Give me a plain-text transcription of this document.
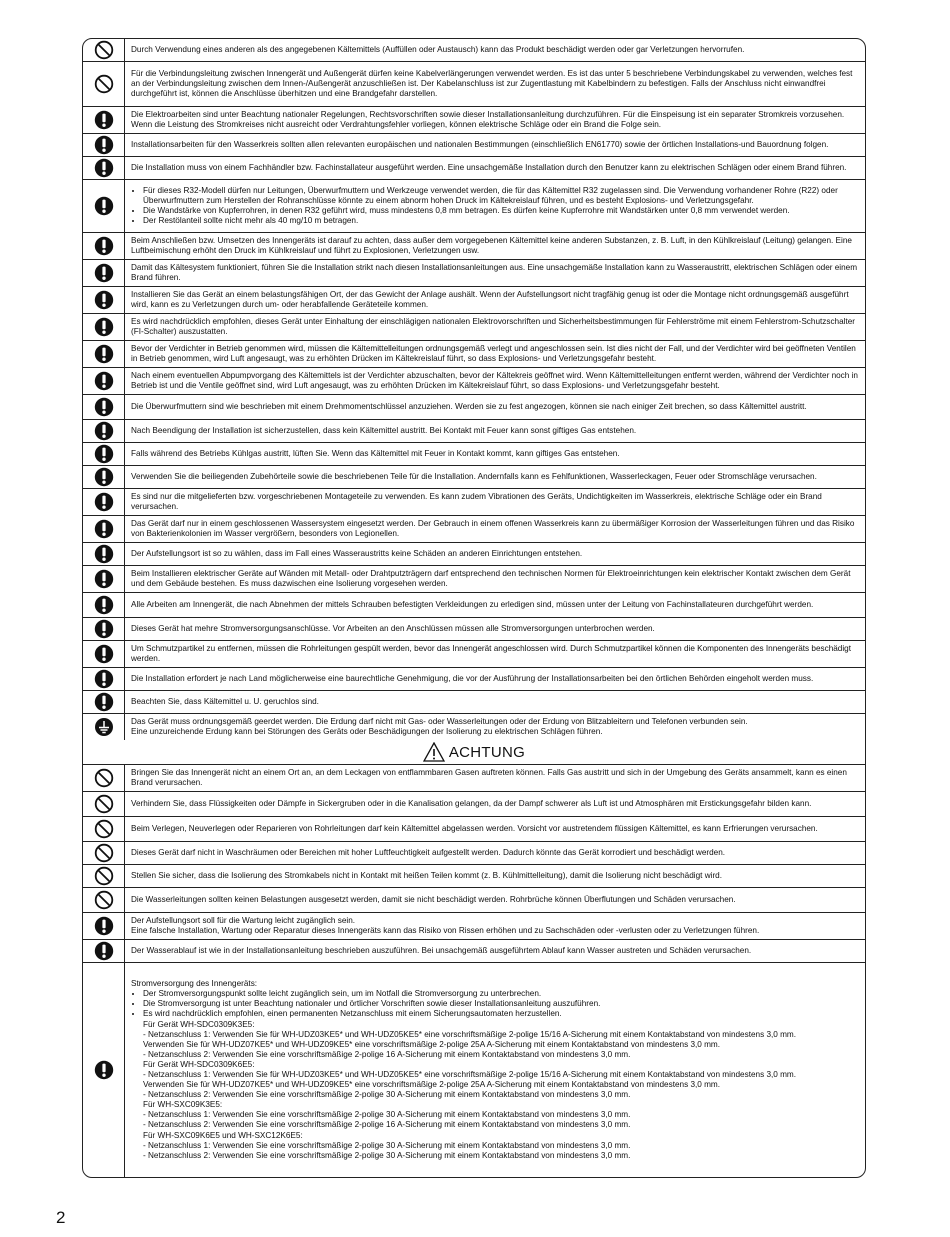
Durch Verwendung eines anderen als des angegebenen Kältemittels (Auffüllen oder Austausch) kann das Produkt beschädigt werden oder gar Verletzungen hervorrufen.

Für die Verbindungsleitung zwischen Innengerät und Außengerät dürfen keine Kabelverlängerungen verwendet werden. Es ist das unter 5 beschriebene Verbindungskabel zu verwenden, welches fest an der Verbindungsleitung zwischen dem Innen-/Außengerät anzuschließen ist. Der Kabelanschluss ist zur Zugentlastung mit Kabelbindern zu befestigen. Falls der Anschluss nicht einwandfrei durchgeführt ist, können die Anschlüsse überhitzen und eine Brandgefahr darstellen.

Die Elektroarbeiten sind unter Beachtung nationaler Regelungen, Rechtsvorschriften sowie dieser Installationsanleitung durchzuführen. Für die Einspeisung ist ein separater Stromkreis vorzusehen. Wenn die Leistung des Stromkreises nicht ausreicht oder Verdrahtungsfehler vorliegen, können elektrische Schläge oder ein Brand die Folge sein.

Installationsarbeiten für den Wasserkreis sollten allen relevanten europäischen und nationalen Bestimmungen (einschließlich EN61770) sowie der örtlichen Installations-und Bauordnung folgen.

Die Installation muss von einem Fachhändler bzw. Fachinstallateur ausgeführt werden. Eine unsachgemäße Installation durch den Benutzer kann zu elektrischen Schlägen oder einem Brand führen.

• Für dieses R32-Modell dürfen nur Leitungen, Überwurfmuttern und Werkzeuge verwendet werden, die für das Kältemittel R32 zugelassen sind. Die Verwendung vorhandener Rohre (R22) oder Überwurfmuttern zum Herstellen der Rohranschlüsse könnte zu einem abnorm hohen Druck im Kältekreislauf führen, und es besteht Explosions- und Verletzungsgefahr.
• Die Wandstärke von Kupferrohren, in denen R32 geführt wird, muss mindestens 0,8 mm betragen. Es dürfen keine Kupferrohre mit Wandstärken unter 0,8 mm verwendet werden.
• Der Restölanteil sollte nicht mehr als 40 mg/10 m betragen.

Beim Anschließen bzw. Umsetzen des Innengeräts ist darauf zu achten, dass außer dem vorgegebenen Kältemittel keine anderen Substanzen, z. B. Luft, in den Kühlkreislauf (Leitung) gelangen. Eine Luftbeimischung erhöht den Druck im Kühlkreislauf und führt zu Explosionen, Verletzungen usw.

Damit das Kältesystem funktioniert, führen Sie die Installation strikt nach diesen Installationsanleitungen aus. Eine unsachgemäße Installation kann zu Wasseraustritt, elektrischen Schlägen oder einem Brand führen.

Installieren Sie das Gerät an einem belastungsfähigen Ort, der das Gewicht der Anlage aushält. Wenn der Aufstellungsort nicht tragfähig genug ist oder die Montage nicht ordnungsgemäß ausgeführt wird, kann es zu Verletzungen durch um- oder herabfallende Geräteteile kommen.

Es wird nachdrücklich empfohlen, dieses Gerät unter Einhaltung der einschlägigen nationalen Elektrovorschriften und Sicherheitsbestimmungen für Fehlerströme mit einem Fehlerstrom-Schutzschalter (FI-Schalter) auszustatten.

Bevor der Verdichter in Betrieb genommen wird, müssen die Kältemittelleitungen ordnungsgemäß verlegt und angeschlossen sein. Ist dies nicht der Fall, und der Verdichter wird bei geöffneten Ventilen in Betrieb genommen, wird Luft angesaugt, was zu erhöhten Drücken im Kältekreislauf führt, so dass Explosions- und Verletzungsgefahr besteht.

Nach einem eventuellen Abpumpvorgang des Kältemittels ist der Verdichter abzuschalten, bevor der Kältekreis geöffnet wird. Wenn Kältemittelleitungen entfernt werden, während der Verdichter noch in Betrieb ist und die Ventile geöffnet sind, wird Luft angesaugt, was zu erhöhten Drücken im Kältekreislauf führt, so dass Explosions- und Verletzungsgefahr besteht.

Die Überwurfmuttern sind wie beschrieben mit einem Drehmomentschlüssel anzuziehen. Werden sie zu fest angezogen, können sie nach einiger Zeit brechen, so dass Kältemittel austritt.

Nach Beendigung der Installation ist sicherzustellen, dass kein Kältemittel austritt. Bei Kontakt mit Feuer kann sonst giftiges Gas entstehen.

Falls während des Betriebs Kühlgas austritt, lüften Sie. Wenn das Kältemittel mit Feuer in Kontakt kommt, kann giftiges Gas entstehen.

Verwenden Sie die beiliegenden Zubehörteile sowie die beschriebenen Teile für die Installation. Andernfalls kann es Fehlfunktionen, Wasserleckagen, Feuer oder Stromschläge verursachen.

Es sind nur die mitgelieferten bzw. vorgeschriebenen Montageteile zu verwenden. Es kann zudem Vibrationen des Geräts, Undichtigkeiten im Wasserkreis, elektrische Schläge oder ein Brand verursachen.

Das Gerät darf nur in einem geschlossenen Wassersystem eingesetzt werden. Der Gebrauch in einem offenen Wasserkreis kann zu übermäßiger Korrosion der Wasserleitungen führen und das Risiko von Bakterienkolonien im Wasser vergrößern, besonders von Legionellen.

Der Aufstellungsort ist so zu wählen, dass im Fall eines Wasseraustritts keine Schäden an anderen Einrichtungen entstehen.

Beim Installieren elektrischer Geräte auf Wänden mit Metall- oder Drahtputzträgern darf entsprechend den technischen Normen für Elektroeinrichtungen kein elektrischer Kontakt zwischen dem Gerät und dem Gebäude bestehen. Es muss dazwischen eine Isolierung vorgesehen werden.

Alle Arbeiten am Innengerät, die nach Abnehmen der mittels Schrauben befestigten Verkleidungen zu erledigen sind, müssen unter der Leitung von Fachinstallateuren durchgeführt werden.

Dieses Gerät hat mehre Stromversorgungsanschlüsse. Vor Arbeiten an den Anschlüssen müssen alle Stromversorgungen unterbrochen werden.

Um Schmutzpartikel zu entfernen, müssen die Rohrleitungen gespült werden, bevor das Innengerät angeschlossen wird. Durch Schmutzpartikel können die Komponenten des Innengeräts beschädigt werden.

Die Installation erfordert je nach Land möglicherweise eine baurechtliche Genehmigung, die vor der Ausführung der Installationsarbeiten bei den örtlichen Behörden eingeholt werden muss.

Beachten Sie, dass Kältemittel u. U. geruchlos sind.

Das Gerät muss ordnungsgemäß geerdet werden. Die Erdung darf nicht mit Gas- oder Wasserleitungen oder der Erdung von Blitzableitern und Telefonen verbunden sein.

Eine unzureichende Erdung kann bei Störungen des Geräts oder Beschädigungen der Isolierung zu elektrischen Schlägen führen.

ACHTUNG

Bringen Sie das Innengerät nicht an einem Ort an, an dem Leckagen von entflammbaren Gasen auftreten können. Falls Gas austritt und sich in der Umgebung des Geräts ansammelt, kann es einen Brand verursachen.

Verhindern Sie, dass Flüssigkeiten oder Dämpfe in Sickergruben oder in die Kanalisation gelangen, da der Dampf schwerer als Luft ist und Atmosphären mit Erstickungsgefahr bilden kann.

Beim Verlegen, Neuverlegen oder Reparieren von Rohrleitungen darf kein Kältemittel abgelassen werden. Vorsicht vor austretendem flüssigen Kältemittel, es kann Erfrierungen verursachen.

Dieses Gerät darf nicht in Waschräumen oder Bereichen mit hoher Luftfeuchtigkeit aufgestellt werden. Dadurch könnte das Gerät korrodiert und beschädigt werden.

Stellen Sie sicher, dass die Isolierung des Stromkabels nicht in Kontakt mit heißen Teilen kommt (z. B. Kühlmittelleitung), damit die Isolierung nicht beschädigt wird.

Die Wasserleitungen sollten keinen Belastungen ausgesetzt werden, damit sie nicht beschädigt werden. Rohrbrüche können Überflutungen und Schäden verursachen.

Der Aufstellungsort soll für die Wartung leicht zugänglich sein.

Eine falsche Installation, Wartung oder Reparatur dieses Innengeräts kann das Risiko von Rissen erhöhen und zu Sachschäden oder -verlusten oder zu Verletzungen führen.

Der Wasserablauf ist wie in der Installationsanleitung beschrieben auszuführen. Bei unsachgemäß ausgeführtem Ablauf kann Wasser austreten und Schäden verursachen.

Stromversorgung des Innengeräts:

• Der Stromversorgungspunkt sollte leicht zugänglich sein, um im Notfall die Stromversorgung zu unterbrechen.
• Die Stromversorgung ist unter Beachtung nationaler und örtlicher Vorschriften sowie dieser Installationsanleitung auszuführen.
• Es wird nachdrücklich empfohlen, einen permanenten Netzanschluss mit einem Sicherungsautomaten herzustellen.

Für Gerät WH-SDC0309K3E5:

- Netzanschluss 1: Verwenden Sie für WH-UDZ03KE5* und WH-UDZ05KE5* eine vorschriftsmäßige 2-polige 15/16 A-Sicherung mit einem Kontaktabstand von mindestens 3,0 mm.

Verwenden Sie für WH-UDZ07KE5* und WH-UDZ09KE5* eine vorschriftsmäßige 2-polige 25A A-Sicherung mit einem Kontaktabstand von mindestens 3,0 mm.

- Netzanschluss 2: Verwenden Sie eine vorschriftsmäßige 2-polige 16 A-Sicherung mit einem Kontaktabstand von mindestens 3,0 mm.

Für Gerät WH-SDC0309K6E5:

- Netzanschluss 1: Verwenden Sie für WH-UDZ03KE5* und WH-UDZ05KE5* eine vorschriftsmäßige 2-polige 15/16 A-Sicherung mit einem Kontaktabstand von mindestens 3,0 mm.

Verwenden Sie für WH-UDZ07KE5* und WH-UDZ09KE5* eine vorschriftsmäßige 2-polige 25A A-Sicherung mit einem Kontaktabstand von mindestens 3,0 mm.

- Netzanschluss 2: Verwenden Sie eine vorschriftsmäßige 2-polige 30 A-Sicherung mit einem Kontaktabstand von mindestens 3,0 mm.

Für WH-SXC09K3E5:

- Netzanschluss 1: Verwenden Sie eine vorschriftsmäßige 2-polige 30 A-Sicherung mit einem Kontaktabstand von mindestens 3,0 mm.

- Netzanschluss 2: Verwenden Sie eine vorschriftsmäßige 2-polige 16 A-Sicherung mit einem Kontaktabstand von mindestens 3,0 mm.

Für WH-SXC09K6E5 und WH-SXC12K6E5:

- Netzanschluss 1: Verwenden Sie eine vorschriftsmäßige 2-polige 30 A-Sicherung mit einem Kontaktabstand von mindestens 3,0 mm.

- Netzanschluss 2: Verwenden Sie eine vorschriftsmäßige 2-polige 30 A-Sicherung mit einem Kontaktabstand von mindestens 3,0 mm.

2
